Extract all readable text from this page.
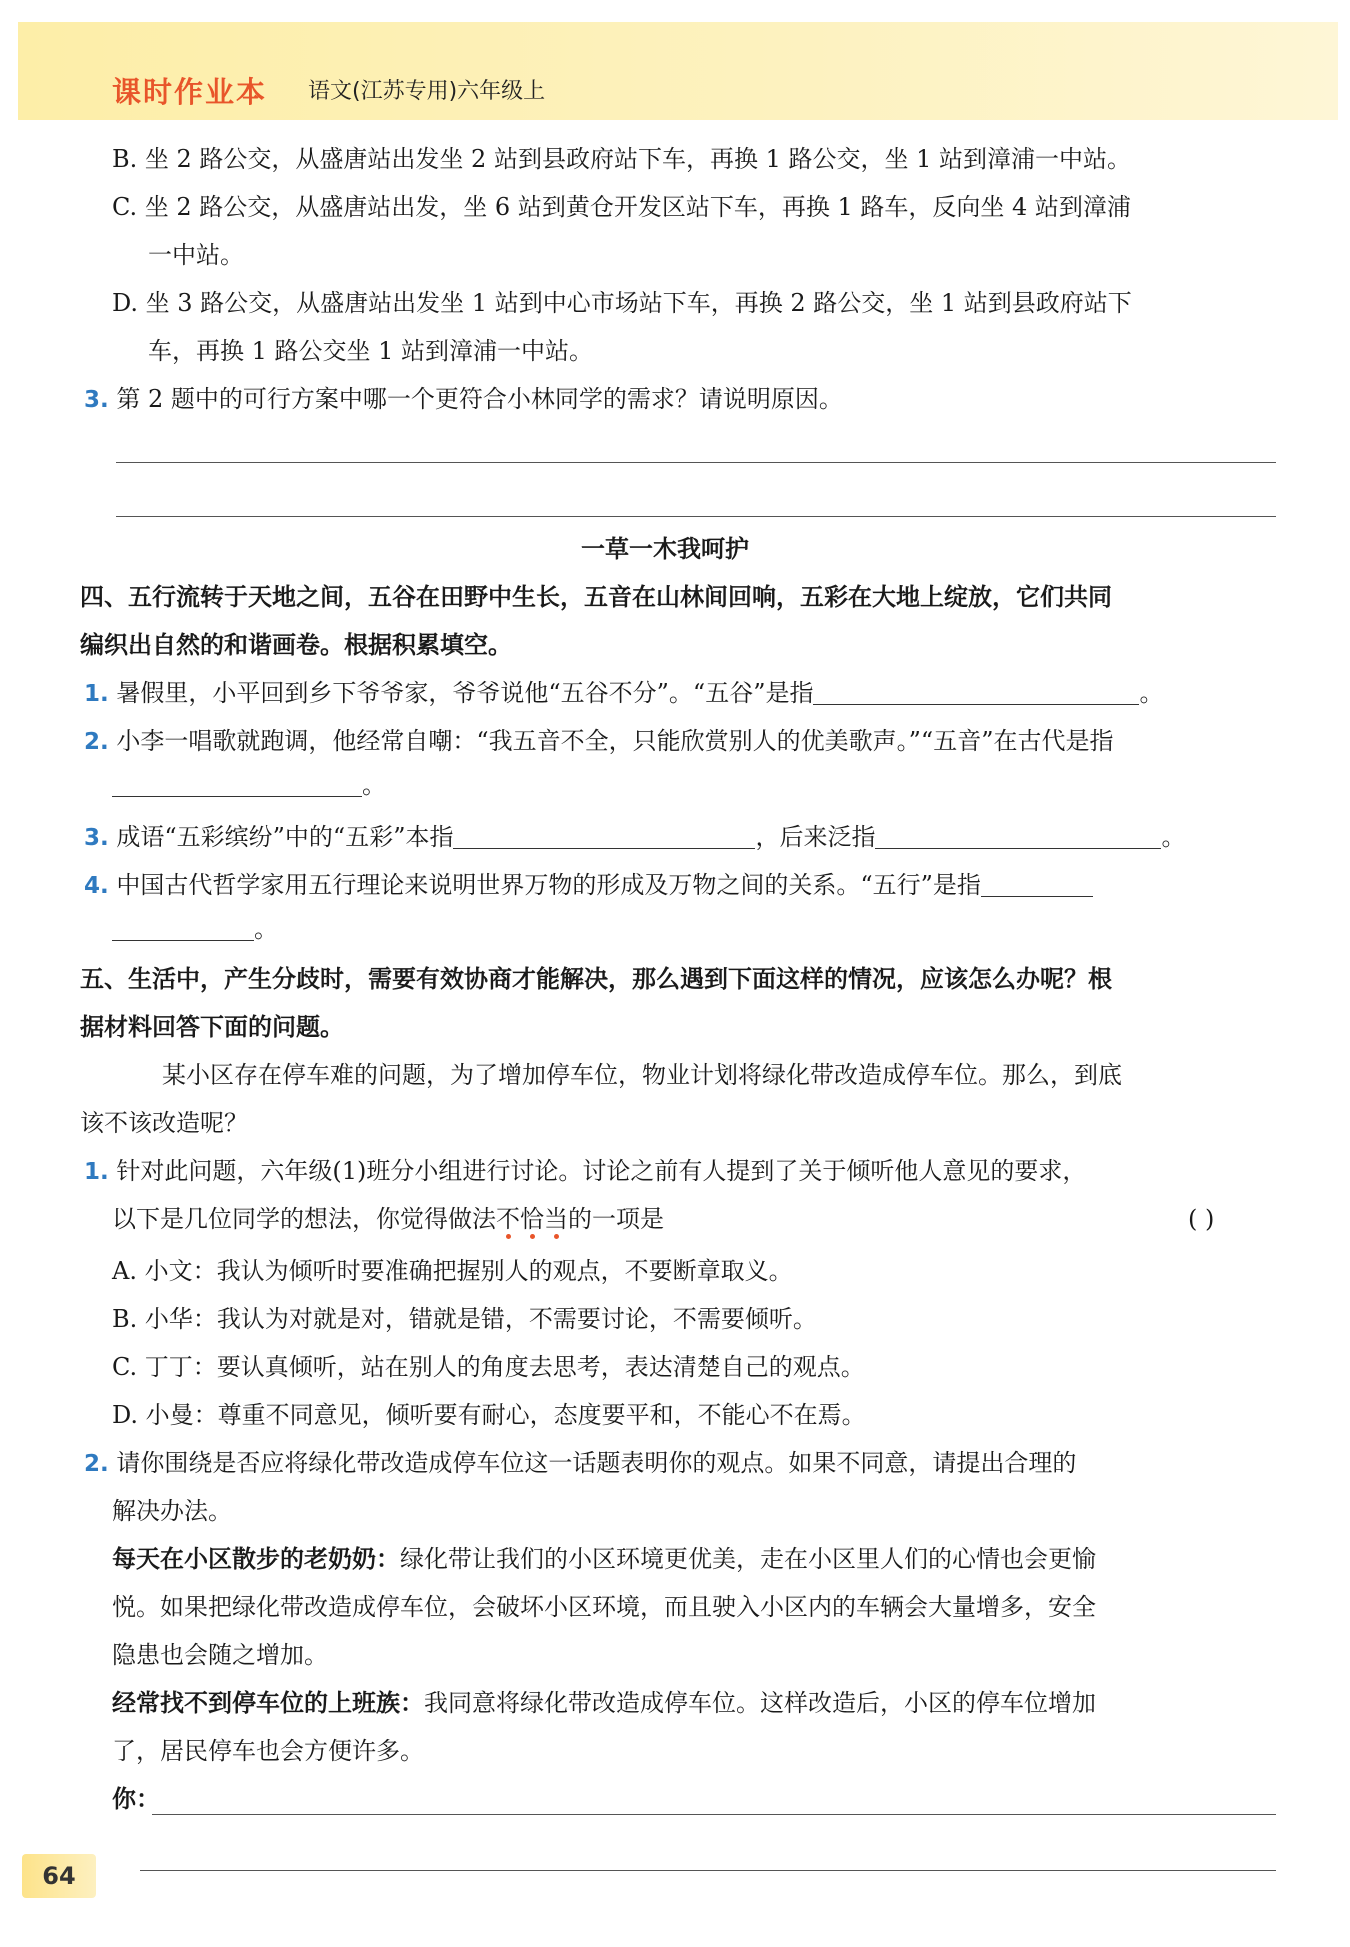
课时作业本 语文(江苏专用)六年级上
B. 坐 2 路公交，从盛唐站出发坐 2 站到县政府站下车，再换 1 路公交，坐 1 站到漳浦一中站。
C. 坐 2 路公交，从盛唐站出发，坐 6 站到黄仓开发区站下车，再换 1 路车，反向坐 4 站到漳浦
一中站。
D. 坐 3 路公交，从盛唐站出发坐 1 站到中心市场站下车，再换 2 路公交，坐 1 站到县政府站下
车，再换 1 路公交坐 1 站到漳浦一中站。
3. 第 2 题中的可行方案中哪一个更符合小林同学的需求？请说明原因。
一草一木我呵护
四、五行流转于天地之间，五谷在田野中生长，五音在山林间回响，五彩在大地上绽放，它们共同
编织出自然的和谐画卷。根据积累填空。
1. 暑假里，小平回到乡下爷爷家，爷爷说他“五谷不分”。“五谷”是指	。
2. 小李一唱歌就跑调，他经常自嘲：“我五音不全，只能欣赏别人的优美歌声。”“五音”在古代是指
。
3. 成语“五彩缤纷”中的“五彩”本指	，后来泛指	。
4. 中国古代哲学家用五行理论来说明世界万物的形成及万物之间的关系。“五行”是指
。
五、生活中，产生分歧时，需要有效协商才能解决，那么遇到下面这样的情况，应该怎么办呢？根
据材料回答下面的问题。
某小区存在停车难的问题，为了增加停车位，物业计划将绿化带改造成停车位。那么，到底
该不该改造呢？
1. 针对此问题，六年级(1)班分小组进行讨论。讨论之前有人提到了关于倾听他人意见的要求，
以下是几位同学的想法，你觉得做法不恰当的一项是	( )
A. 小文：我认为倾听时要准确把握别人的观点，不要断章取义。
B. 小华：我认为对就是对，错就是错，不需要讨论，不需要倾听。
C. 丁丁：要认真倾听，站在别人的角度去思考，表达清楚自己的观点。
D. 小曼：尊重不同意见，倾听要有耐心，态度要平和，不能心不在焉。
2. 请你围绕是否应将绿化带改造成停车位这一话题表明你的观点。如果不同意，请提出合理的
解决办法。
每天在小区散步的老奶奶：绿化带让我们的小区环境更优美，走在小区里人们的心情也会更愉
悦。如果把绿化带改造成停车位，会破坏小区环境，而且驶入小区内的车辆会大量增多，安全
隐患也会随之增加。
经常找不到停车位的上班族：我同意将绿化带改造成停车位。这样改造后，小区的停车位增加
了，居民停车也会方便许多。
你：
64
